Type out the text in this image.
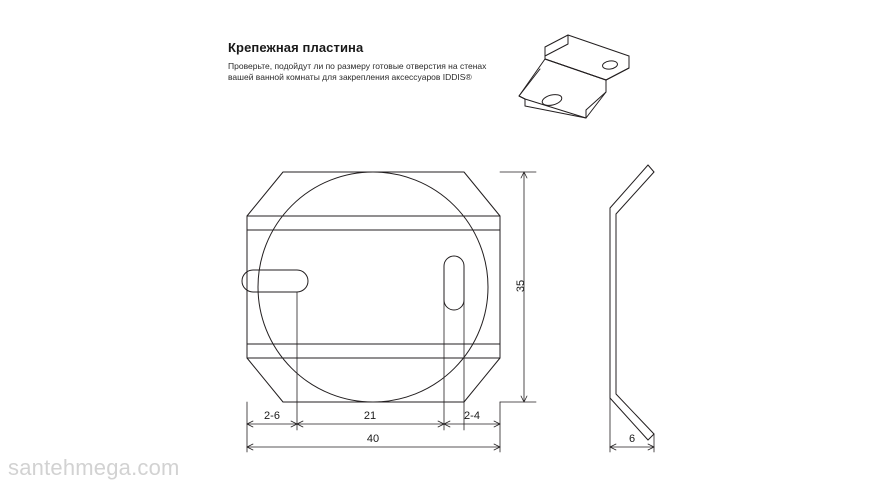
Крепежная пластина
Проверьте, подойдут ли по размеру готовые отверстия на стенах вашей ванной комнаты для закрепления аксессуаров IDDIS®
35
2-6	21	2-4
40	6
santehmega.com
